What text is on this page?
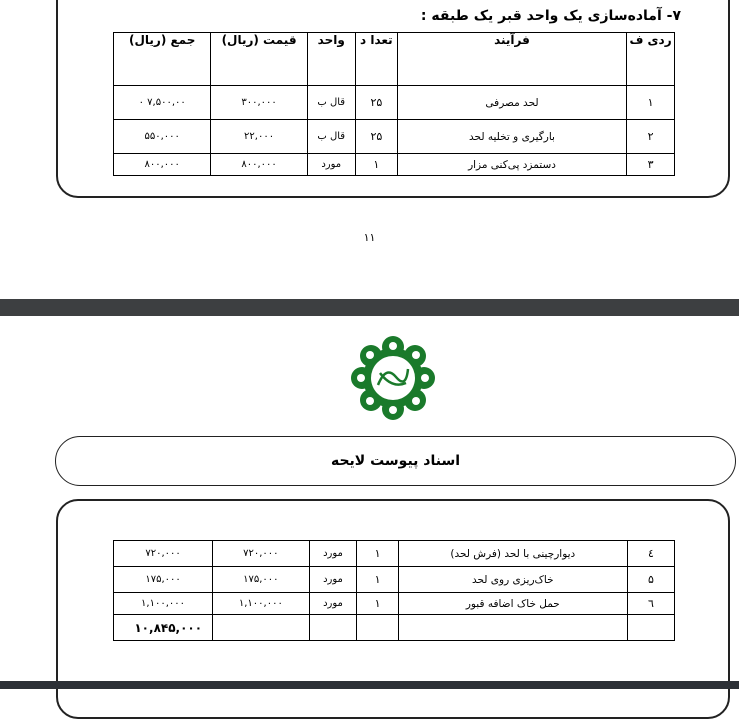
۷- آماده‌سازی یک واحد قبر یک طبقه :
ردی ف	فرآیند	تعدا د	واحد	قیمت (ریال)	جمع (ریال)
۱	لحد مصرفی	۲۵	قال ب	۳۰۰,۰۰۰	۷,۵۰۰,۰۰ ۰
۲	بارگیری و تخلیه لحد	۲۵	قال ب	۲۲,۰۰۰	۵۵۰,۰۰۰
۳	دستمزد پی‌کنی مزار	۱	مورد	۸۰۰,۰۰۰	۸۰۰,۰۰۰
۱۱
اسناد پیوست لایحه
٤	دیوارچینی با لحد (فرش لحد)	۱	مورد	۷۲۰,۰۰۰	۷۲۰,۰۰۰
۵	خاک‌ریزی روی لحد	۱	مورد	۱۷۵,۰۰۰	۱۷۵,۰۰۰
٦	حمل خاک اضافه قبور	۱	مورد	۱,۱۰۰,۰۰۰	۱,۱۰۰,۰۰۰
					۱۰,۸۴۵,۰۰۰
